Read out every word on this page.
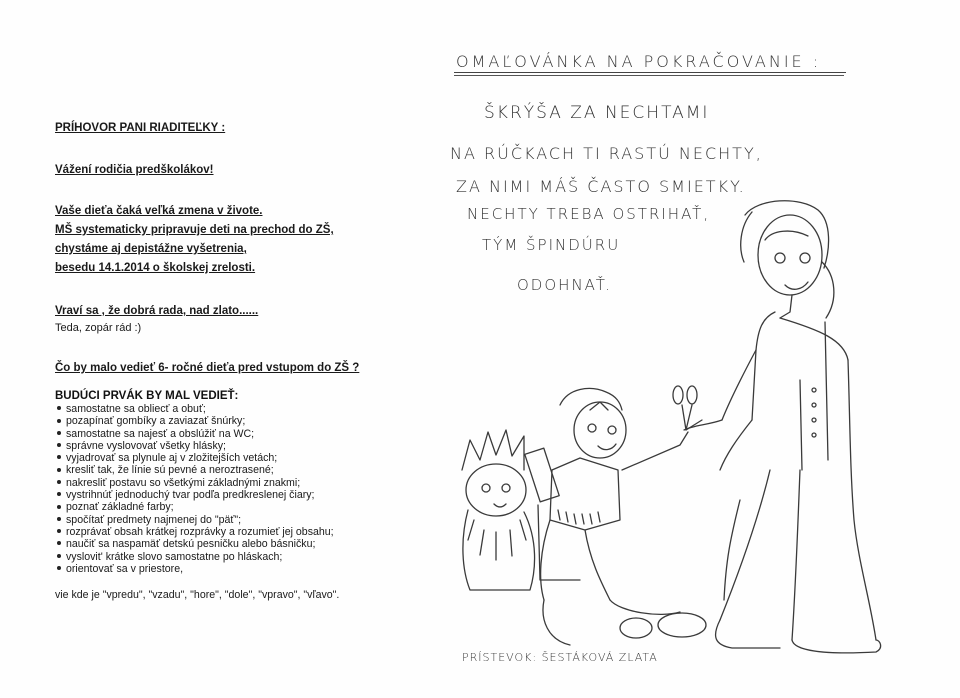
PRÍHOVOR PANI RIADITEĽKY :
Vážení rodičia predškolákov!
Vaše dieťa čaká veľká zmena v živote.
MŠ systematicky pripravuje deti na prechod do ZŠ,
chystáme aj depistážne vyšetrenia,
besedu 14.1.2014 o školskej zrelosti.
Vraví sa , že dobrá rada, nad zlato......
Teda, zopár rád :)
Čo by malo vedieť 6- ročné dieťa pred vstupom do ZŠ ?
BUDÚCI PRVÁK BY MAL VEDIEŤ:
samostatne sa obliecť a obuť;
pozapínať gombíky a zaviazať šnúrky;
samostatne sa najesť a obslúžiť na WC;
správne vyslovovať všetky hlásky;
vyjadrovať sa plynule aj v zložitejších vetách;
kresliť tak, že línie sú pevné a neroztrasené;
nakresliť postavu so všetkými základnými znakmi;
vystrihnúť jednoduchý tvar podľa predkreslenej čiary;
poznať základné farby;
spočítať predmety najmenej do "päť";
rozprávať obsah krátkej rozprávky a rozumieť jej obsahu;
naučiť sa naspamäť detskú pesničku alebo básničku;
vyslovit' krátke slovo samostatne po hláskach;
orientovať sa v priestore,
vie kde je "vpredu", "vzadu", "hore", "dole", "vpravo", "vľavo".
OMAĽOVÁNKA NA POKRAČOVANIE :
ŠKRÝŠA ZA NECHTAMI
NA RÚČKACH TI RASTÚ NECHTY,
ZA NIMI MÁŠ ČASTO SMIETKY.
NECHTY TREBA OSTRIHAŤ,
TÝM ŠPINDÚRU
ODOHNAŤ.
PRÍSTEVOK: ŠESTÁKOVÁ ZLATA
